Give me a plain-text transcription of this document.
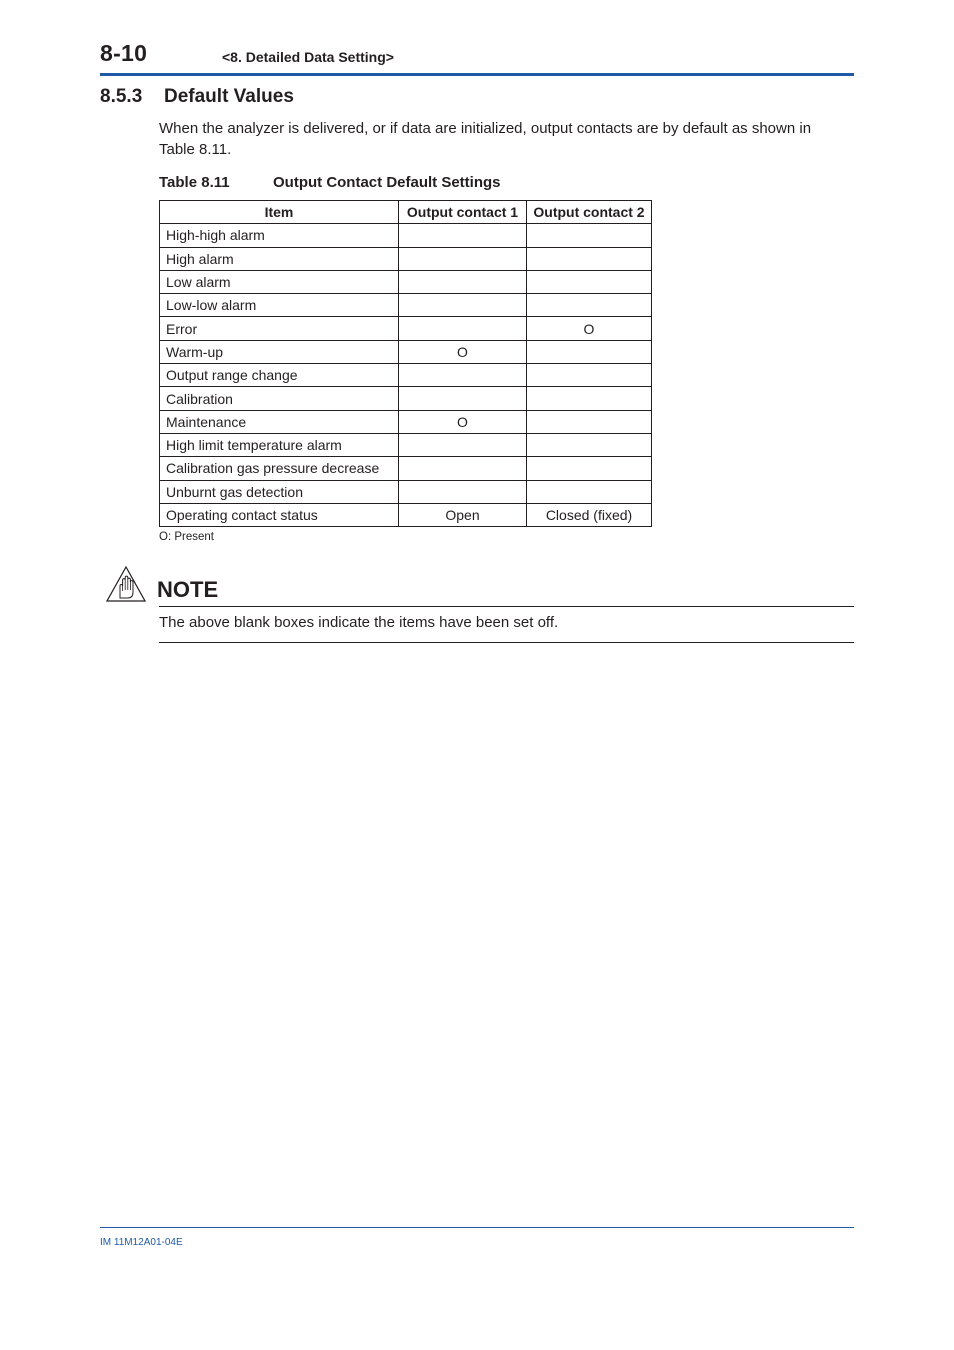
8-10	<8. Detailed Data Setting>
8.5.3 Default Values
When the analyzer is delivered, or if data are initialized, output contacts are by default as shown in Table 8.11.
Table 8.11	Output Contact Default Settings
Item	Output contact 1	Output contact 2
High-high alarm		
High alarm		
Low alarm		
Low-low alarm		
Error		O
Warm-up	O	
Output range change		
Calibration		
Maintenance	O	
High limit temperature alarm		
Calibration gas pressure decrease		
Unburnt gas detection		
Operating contact status	Open	Closed (fixed)
O: Present
NOTE
The above blank boxes indicate the items have been set off.
IM 11M12A01-04E
